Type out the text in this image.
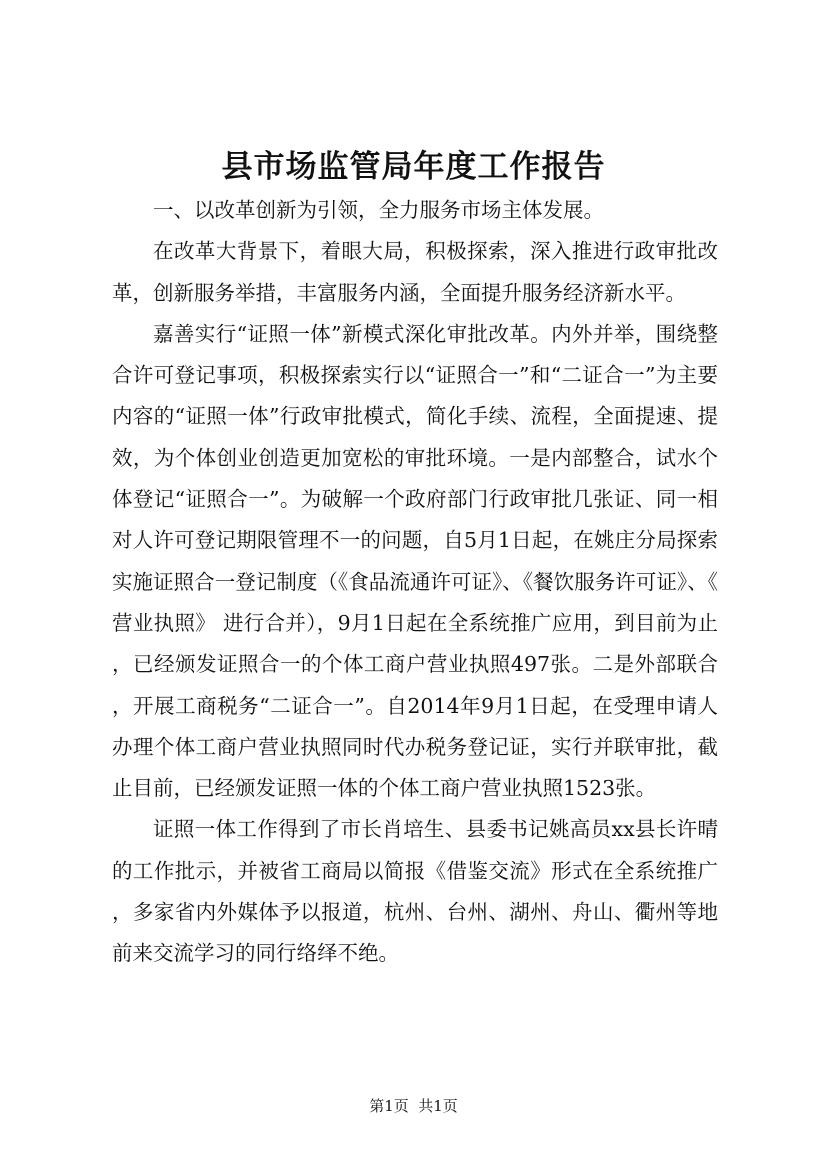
县市场监管局年度工作报告

一、以改革创新为引领，全力服务市场主体发展。

在改革大背景下，着眼大局，积极探索，深入推进行政审批改革，创新服务举措，丰富服务内涵，全面提升服务经济新水平。

嘉善实行“证照一体”新模式深化审批改革。内外并举，围绕整合许可登记事项，积极探索实行以“证照合一”和“二证合一”为主要内容的“证照一体”行政审批模式，简化手续、流程，全面提速、提效，为个体创业创造更加宽松的审批环境。一是内部整合，试水个体登记“证照合一”。为破解一个政府部门行政审批几张证、同一相对人许可登记期限管理不一的问题，自5月1日起，在姚庄分局探索实施证照合一登记制度（《食品流通许可证》、《餐饮服务许可证》、《营业执照》 进行合并），9月1日起在全系统推广应用，到目前为止，已经颁发证照合一的个体工商户营业执照497张。二是外部联合，开展工商税务“二证合一”。自2014年9月1日起，在受理申请人办理个体工商户营业执照同时代办税务登记证，实行并联审批，截止目前，已经颁发证照一体的个体工商户营业执照1523张。

证照一体工作得到了市长肖培生、县委书记姚高员xx县长许晴的工作批示，并被省工商局以简报《借鉴交流》形式在全系统推广，多家省内外媒体予以报道，杭州、台州、湖州、舟山、衢州等地前来交流学习的同行络绎不绝。

第1页  共1页
